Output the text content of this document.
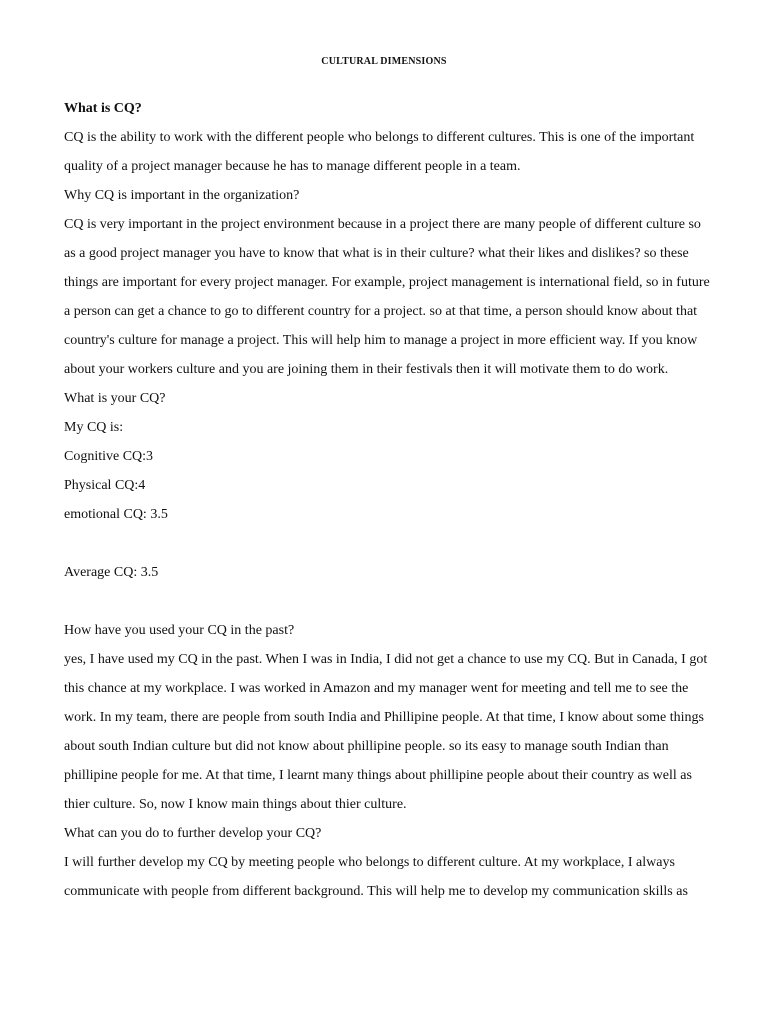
CULTURAL DIMENSIONS

What is CQ?

CQ is the ability to work with the different people who belongs to different cultures. This is one of the important quality of a project manager because he has to manage different people in a team.

Why CQ is important in the organization?

CQ is very important in the project environment because in a project there are many people of different culture so as a good project manager you have to know that what is in their culture? what their likes and dislikes? so these things are important for every project manager. For example, project management is international field, so in future a person can get a chance to go to different country for a project. so at that time, a person should know about that country's culture for manage a project. This will help him to manage a project in more efficient way. If you know about your workers culture and you are joining them in their festivals then it will motivate them to do work.

What is your CQ?

My CQ is:

Cognitive CQ:3

Physical CQ:4

emotional CQ: 3.5

Average CQ: 3.5

How have you used your CQ in the past?

yes, I have used my CQ in the past. When I was in India, I did not get a chance to use my CQ. But in Canada, I got this chance at my workplace. I was worked in Amazon and my manager went for meeting and tell me to see the work. In my team, there are people from south India and Phillipine people. At that time, I know about some things about south Indian culture but did not know about phillipine people. so its easy to manage south Indian than phillipine people for me. At that time, I learnt many things about phillipine people about their country as well as thier culture. So, now I know main things about thier culture.

What can you do to further develop your CQ?

I will further develop my CQ by meeting people who belongs to different culture. At my workplace, I always communicate with people from different background. This will help me to develop my communication skills as
